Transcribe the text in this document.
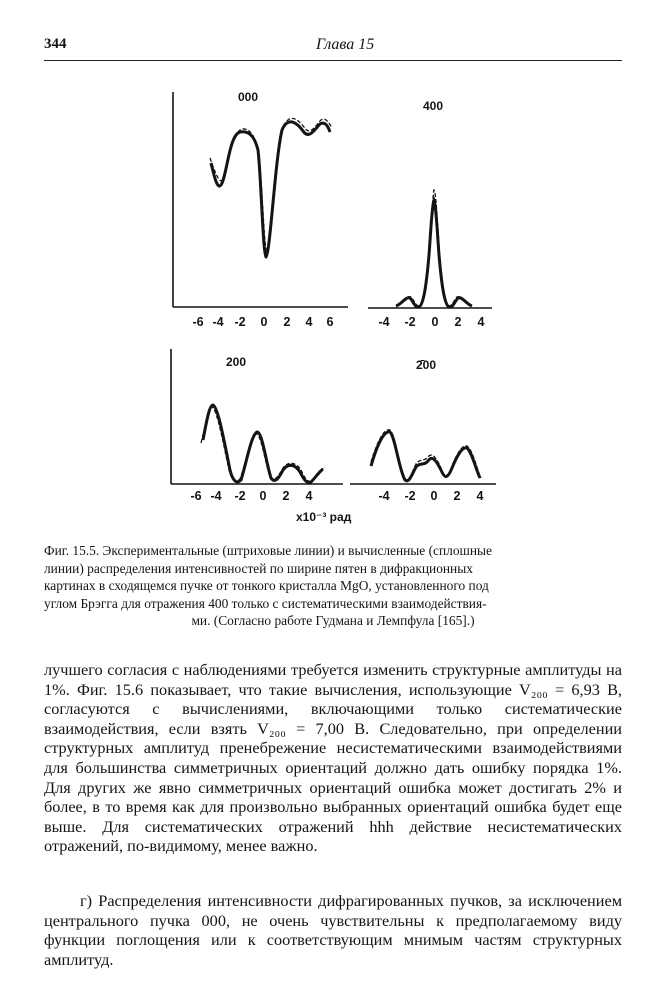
344	Глава 15
000
-6 -4 -2 0 2 4 6
400
-4 -2 0 2 4
200
-6 -4 -2 0 2 4
2̄00
-4 -2 0 2 4
x10⁻³ рад
Фиг. 15.5. Экспериментальные (штриховые линии) и вычисленные (сплошные
линии) распределения интенсивностей по ширине пятен в дифракционных
картинах в сходящемся пучке от тонкого кристалла MgO, установленного под
углом Брэгга для отражения 400 только с систематическими взаимодействия-
ми. (Согласно работе Гудмана и Лемпфула [165].)

лучшего согласия с наблюдениями требуется изменить структурные амплитуды на 1%. Фиг. 15.6 показывает, что такие вычисления, использующие V₂₀₀ = 6,93 В, согласуются с вычислениями, включающими только систематические взаимодействия, если взять V₂₀₀ = 7,00 В. Следовательно, при определении структурных амплитуд пренебрежение несистематическими взаимодействиями для большинства симметричных ориентаций должно дать ошибку порядка 1%. Для других же явно симметричных ориентаций ошибка может достигать 2% и более, в то время как для произвольно выбранных ориентаций ошибка будет еще выше. Для систематических отражений hhh действие несистематических отражений, по-видимому, менее важно.

г) Распределения интенсивности дифрагированных пучков, за исключением центрального пучка 000, не очень чувствительны к предполагаемому виду функции поглощения или к соответствующим мнимым частям структурных амплитуд.
